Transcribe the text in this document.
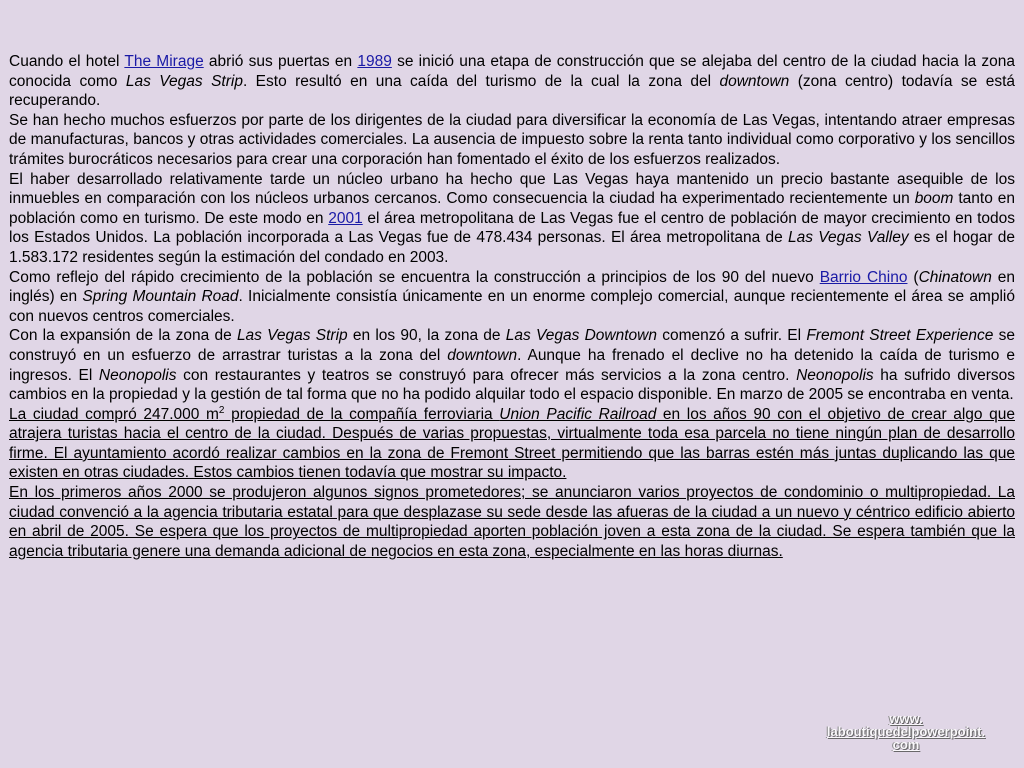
Cuando el hotel The Mirage abrió sus puertas en 1989 se inició una etapa de construcción que se alejaba del centro de la ciudad hacia la zona conocida como Las Vegas Strip. Esto resultó en una caída del turismo de la cual la zona del downtown (zona centro) todavía se está recuperando.

Se han hecho muchos esfuerzos por parte de los dirigentes de la ciudad para diversificar la economía de Las Vegas, intentando atraer empresas de manufacturas, bancos y otras actividades comerciales. La ausencia de impuesto sobre la renta tanto individual como corporativo y los sencillos trámites burocráticos necesarios para crear una corporación han fomentado el éxito de los esfuerzos realizados.

El haber desarrollado relativamente tarde un núcleo urbano ha hecho que Las Vegas haya mantenido un precio bastante asequible de los inmuebles en comparación con los núcleos urbanos cercanos. Como consecuencia la ciudad ha experimentado recientemente un boom tanto en población como en turismo. De este modo en 2001 el área metropolitana de Las Vegas fue el centro de población de mayor crecimiento en todos los Estados Unidos. La población incorporada a Las Vegas fue de 478.434 personas. El área metropolitana de Las Vegas Valley es el hogar de 1.583.172 residentes según la estimación del condado en 2003.

Como reflejo del rápido crecimiento de la población se encuentra la construcción a principios de los 90 del nuevo Barrio Chino (Chinatown en inglés) en Spring Mountain Road. Inicialmente consistía únicamente en un enorme complejo comercial, aunque recientemente el área se amplió con nuevos centros comerciales.

Con la expansión de la zona de Las Vegas Strip en los 90, la zona de Las Vegas Downtown comenzó a sufrir. El Fremont Street Experience se construyó en un esfuerzo de arrastrar turistas a la zona del downtown. Aunque ha frenado el declive no ha detenido la caída de turismo e ingresos. El Neonopolis con restaurantes y teatros se construyó para ofrecer más servicios a la zona centro. Neonopolis ha sufrido diversos cambios en la propiedad y la gestión de tal forma que no ha podido alquilar todo el espacio disponible. En marzo de 2005 se encontraba en venta.

La ciudad compró 247.000 $m^2$ propiedad de la compañía ferroviaria Union Pacific Railroad en los años 90 con el objetivo de crear algo que atrajera turistas hacia el centro de la ciudad. Después de varias propuestas, virtualmente toda esa parcela no tiene ningún plan de desarrollo firme. El ayuntamiento acordó realizar cambios en la zona de Fremont Street permitiendo que las barras estén más juntas duplicando las que existen en otras ciudades. Estos cambios tienen todavía que mostrar su impacto.

En los primeros años 2000 se produjeron algunos signos prometedores; se anunciaron varios proyectos de condominio o multipropiedad. La ciudad convenció a la agencia tributaria estatal para que desplazase su sede desde las afueras de la ciudad a un nuevo y céntrico edificio abierto en abril de 2005. Se espera que los proyectos de multipropiedad aporten población joven a esta zona de la ciudad. Se espera también que la agencia tributaria genere una demanda adicional de negocios en esta zona, especialmente en las horas diurnas.

www.
laboutiquedelpowerpoint.
com
